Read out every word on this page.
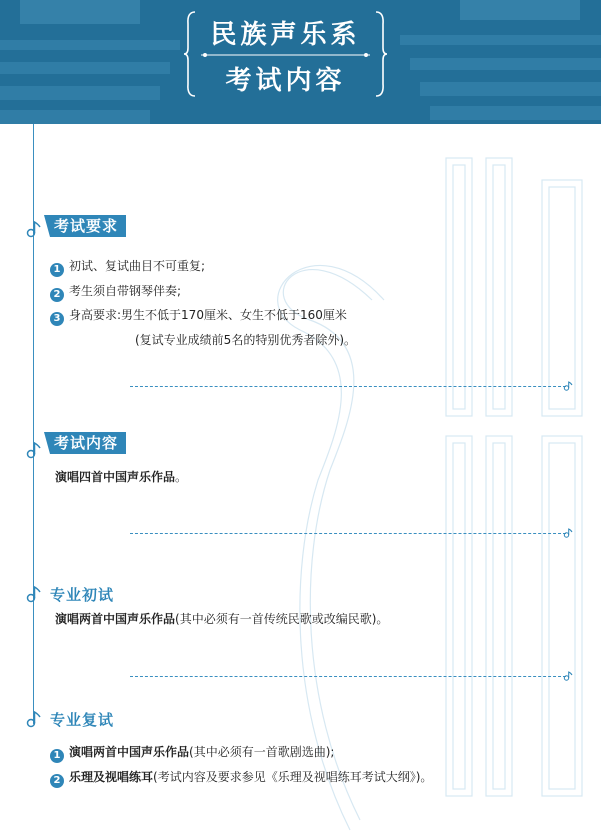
民族声乐系
考试内容
考试要求
1 初试、复试曲目不可重复;
2 考生须自带钢琴伴奏;
3 身高要求:男生不低于170厘米、女生不低于160厘米
(复试专业成绩前5名的特别优秀者除外)。
考试内容
演唱四首中国声乐作品。
专业初试
演唱两首中国声乐作品(其中必须有一首传统民歌或改编民歌)。
专业复试
1 演唱两首中国声乐作品(其中必须有一首歌剧选曲);
2 乐理及视唱练耳(考试内容及要求参见《乐理及视唱练耳考试大纲》)。
